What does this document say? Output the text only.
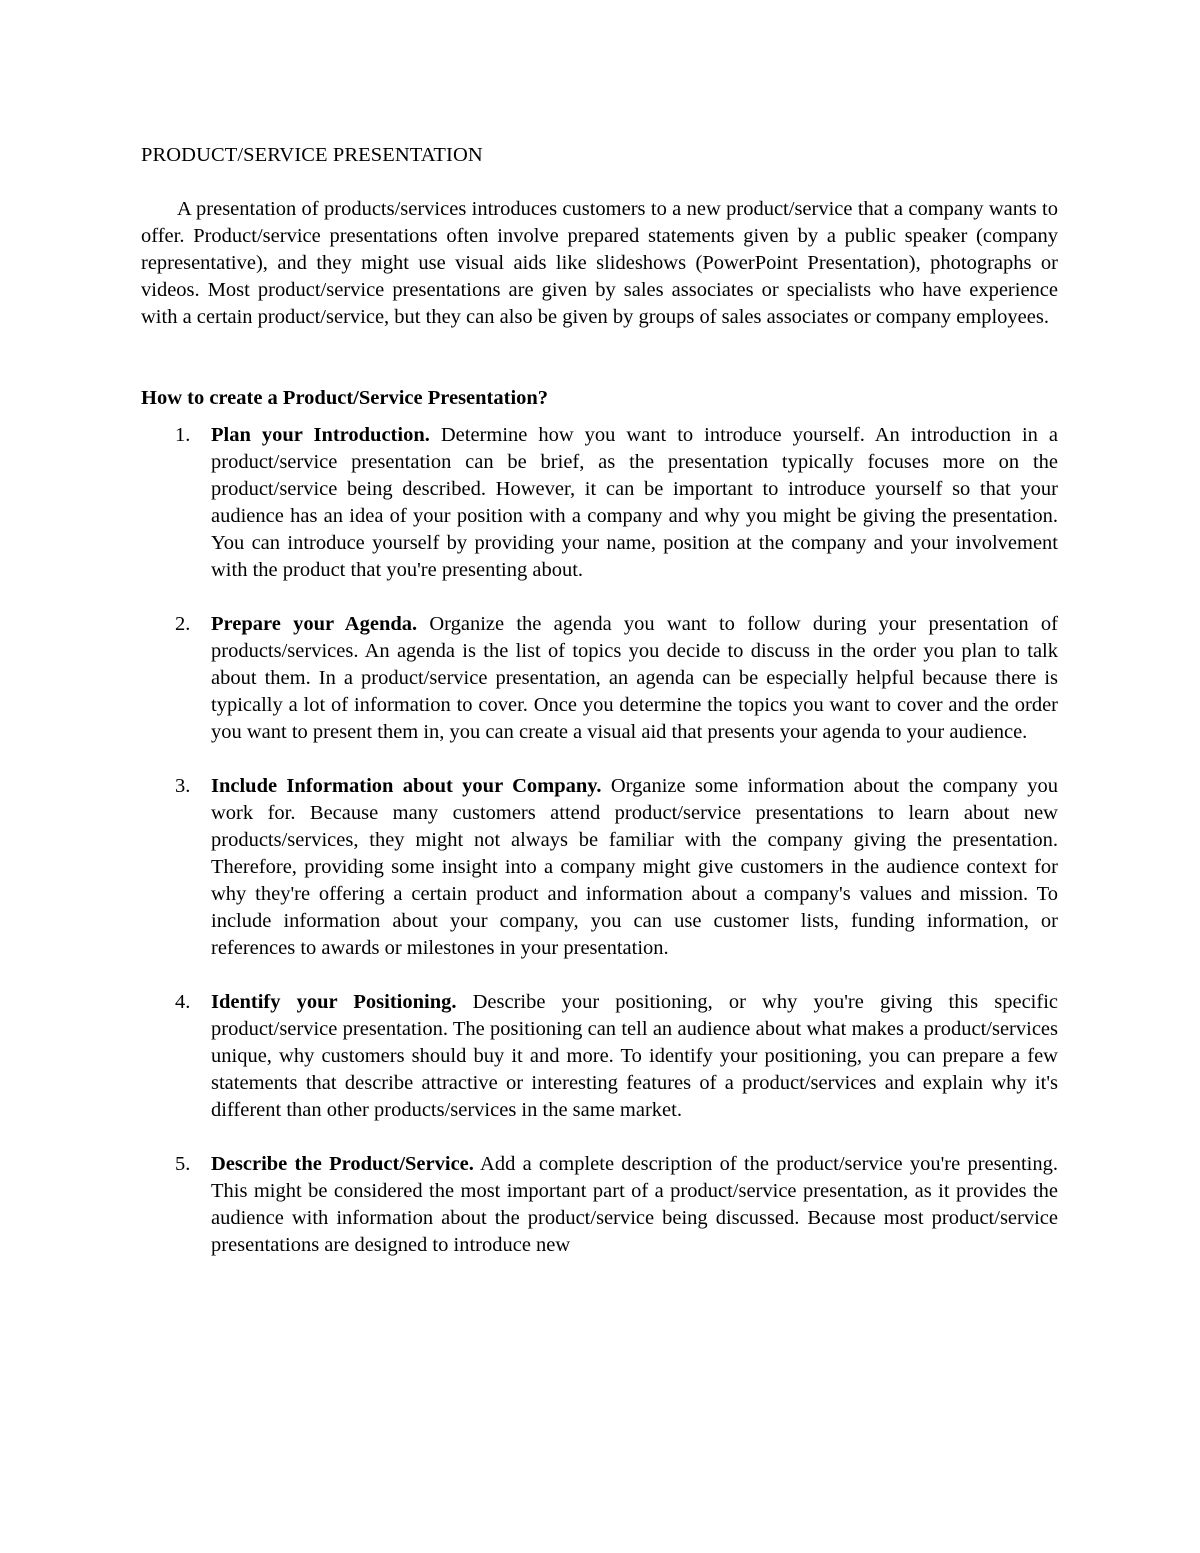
PRODUCT/SERVICE PRESENTATION

A presentation of products/services introduces customers to a new product/service that a company wants to offer. Product/service presentations often involve prepared statements given by a public speaker (company representative), and they might use visual aids like slideshows (PowerPoint Presentation), photographs or videos. Most product/service presentations are given by sales associates or specialists who have experience with a certain product/service, but they can also be given by groups of sales associates or company employees.

How to create a Product/Service Presentation?
1. Plan your Introduction. Determine how you want to introduce yourself. An introduction in a product/service presentation can be brief, as the presentation typically focuses more on the product/service being described. However, it can be important to introduce yourself so that your audience has an idea of your position with a company and why you might be giving the presentation. You can introduce yourself by providing your name, position at the company and your involvement with the product that you're presenting about.
2. Prepare your Agenda. Organize the agenda you want to follow during your presentation of products/services. An agenda is the list of topics you decide to discuss in the order you plan to talk about them. In a product/service presentation, an agenda can be especially helpful because there is typically a lot of information to cover. Once you determine the topics you want to cover and the order you want to present them in, you can create a visual aid that presents your agenda to your audience.
3. Include Information about your Company. Organize some information about the company you work for. Because many customers attend product/service presentations to learn about new products/services, they might not always be familiar with the company giving the presentation. Therefore, providing some insight into a company might give customers in the audience context for why they're offering a certain product and information about a company's values and mission. To include information about your company, you can use customer lists, funding information, or references to awards or milestones in your presentation.
4. Identify your Positioning. Describe your positioning, or why you're giving this specific product/service presentation. The positioning can tell an audience about what makes a product/services unique, why customers should buy it and more. To identify your positioning, you can prepare a few statements that describe attractive or interesting features of a product/services and explain why it's different than other products/services in the same market.
5. Describe the Product/Service. Add a complete description of the product/service you're presenting. This might be considered the most important part of a product/service presentation, as it provides the audience with information about the product/service being discussed. Because most product/service presentations are designed to introduce new
